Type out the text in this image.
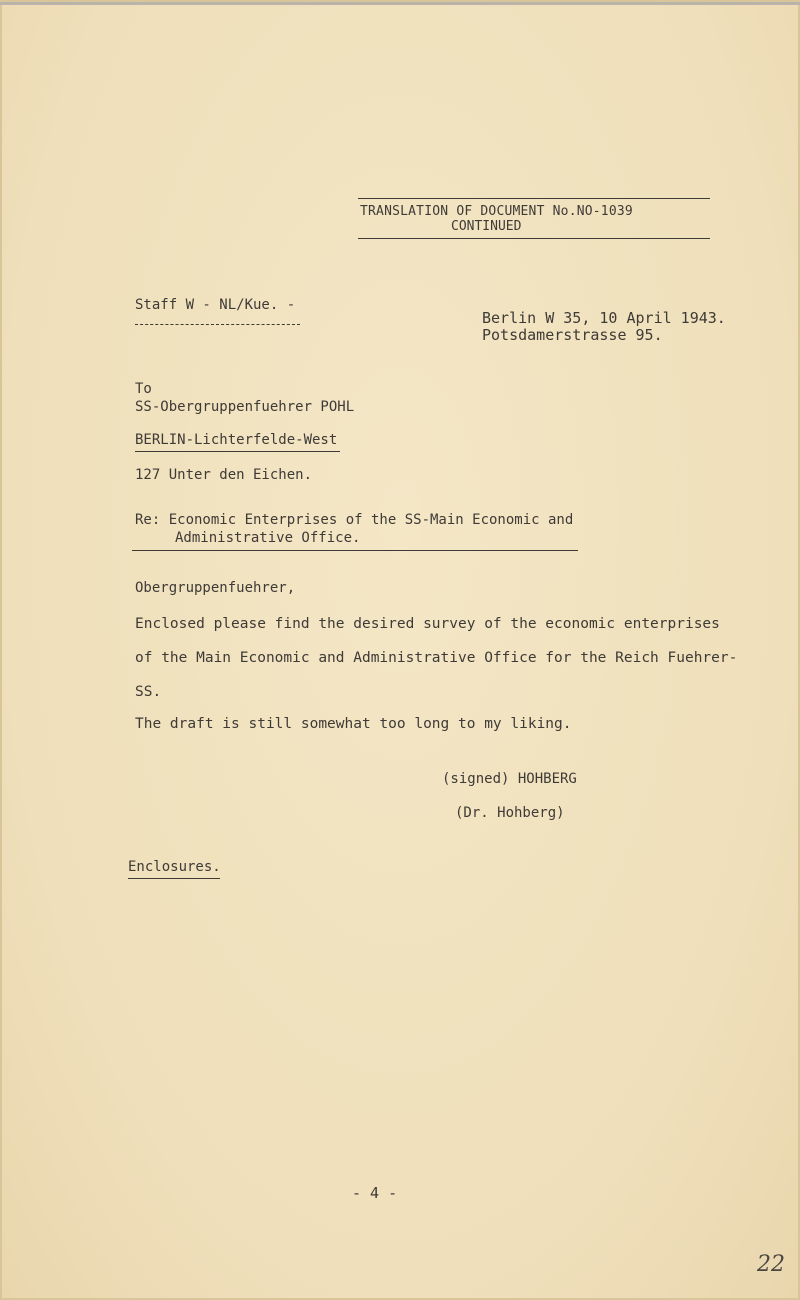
TRANSLATION OF DOCUMENT No.NO-1039
CONTINUED
Staff W - NL/Kue. -
Berlin W 35, 10 April 1943.
Potsdamerstrasse 95.
To
SS-Obergruppenfuehrer POHL
BERLIN-Lichterfelde-West
127 Unter den Eichen.
Re: Economic Enterprises of the SS-Main Economic and
Administrative Office.
Obergruppenfuehrer,
Enclosed please find the desired survey of the economic enterprises
of the Main Economic and Administrative Office for the Reich Fuehrer-
SS.
The draft is still somewhat too long to my liking.
(signed) HOHBERG
(Dr. Hohberg)
Enclosures.
- 4 -
22
